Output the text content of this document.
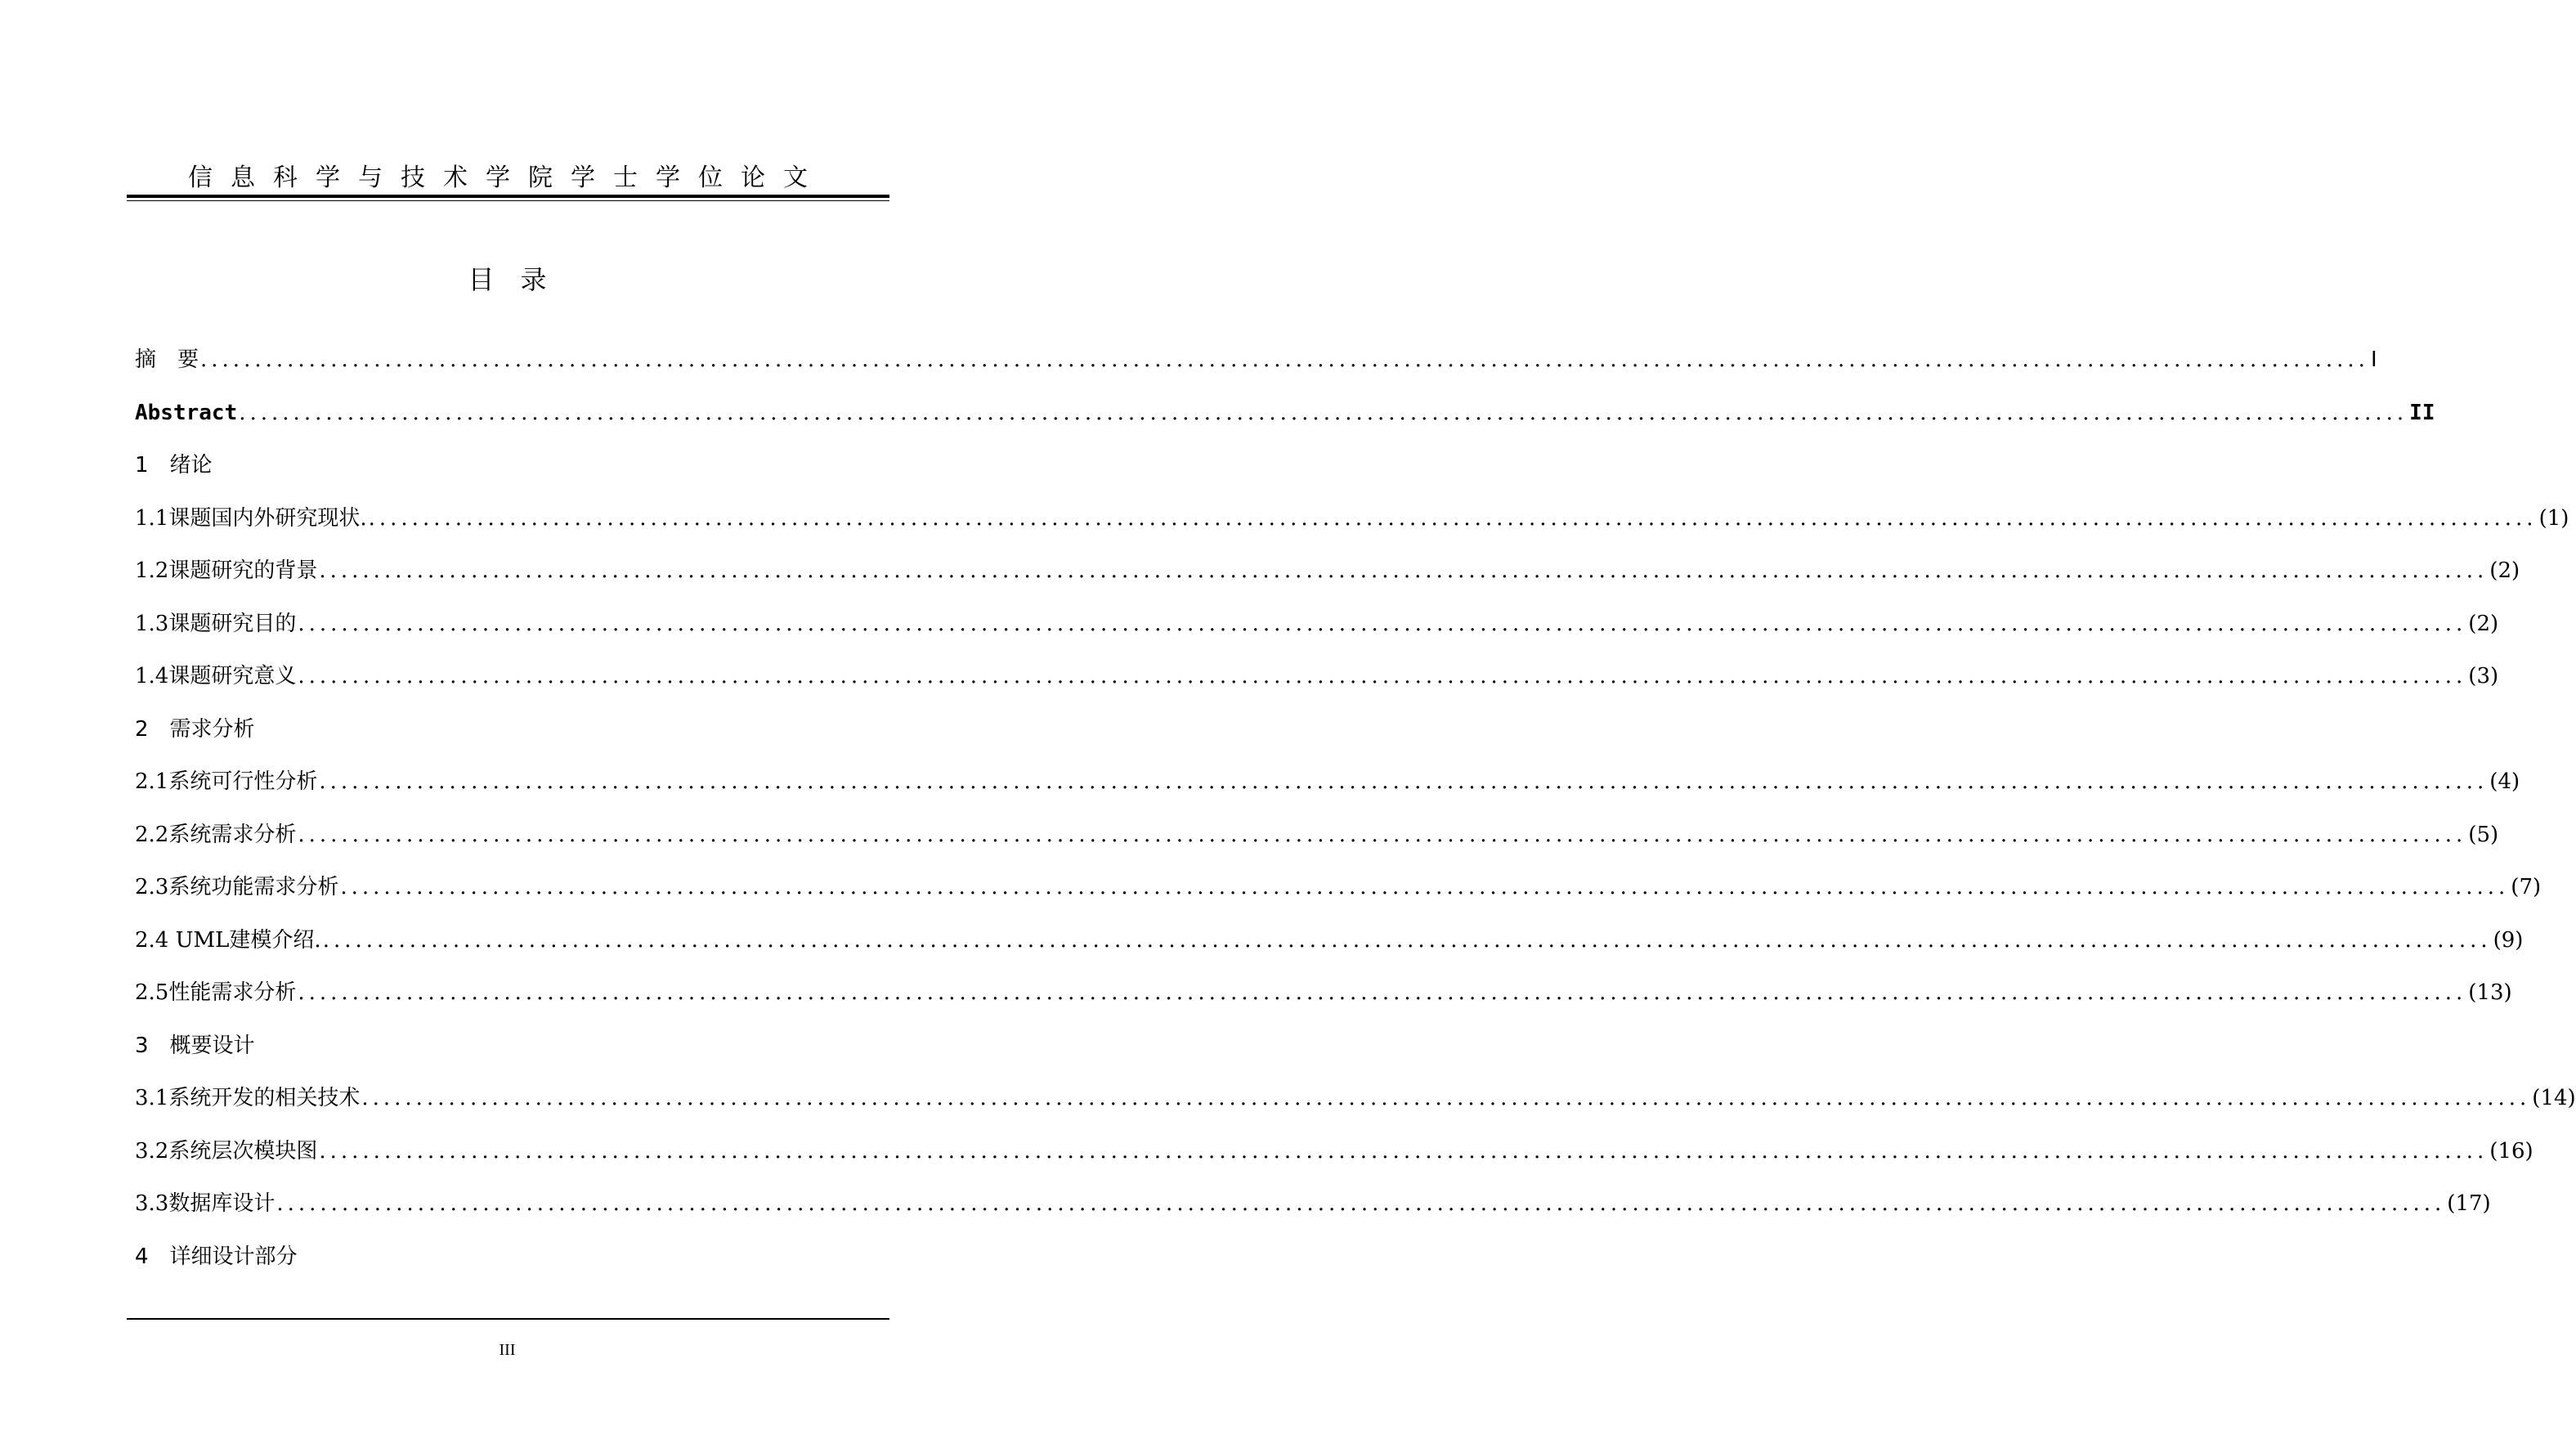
信息科学与技术学院学士学位论文
目录
摘　要 ........................................................................................................................................................................................................ I
Abstract ........................................................................................................................................................................................................ II
1　绪论
1.1课题国内外研究现状. ........................................................................................................................................................................................................ (1)
1.2课题研究的背景 ........................................................................................................................................................................................................ (2)
1.3课题研究目的 ........................................................................................................................................................................................................ (2)
1.4课题研究意义 ........................................................................................................................................................................................................ (3)
2　需求分析
2.1系统可行性分析 ........................................................................................................................................................................................................ (4)
2.2系统需求分析 ........................................................................................................................................................................................................ (5)
2.3系统功能需求分析 ........................................................................................................................................................................................................ (7)
2.4 UML建模介绍. ........................................................................................................................................................................................................ (9)
2.5性能需求分析 ........................................................................................................................................................................................................ (13)
3　概要设计
3.1系统开发的相关技术 ........................................................................................................................................................................................................ (14)
3.2系统层次模块图 ........................................................................................................................................................................................................ (16)
3.3数据库设计 ........................................................................................................................................................................................................ (17)
4　详细设计部分
III
